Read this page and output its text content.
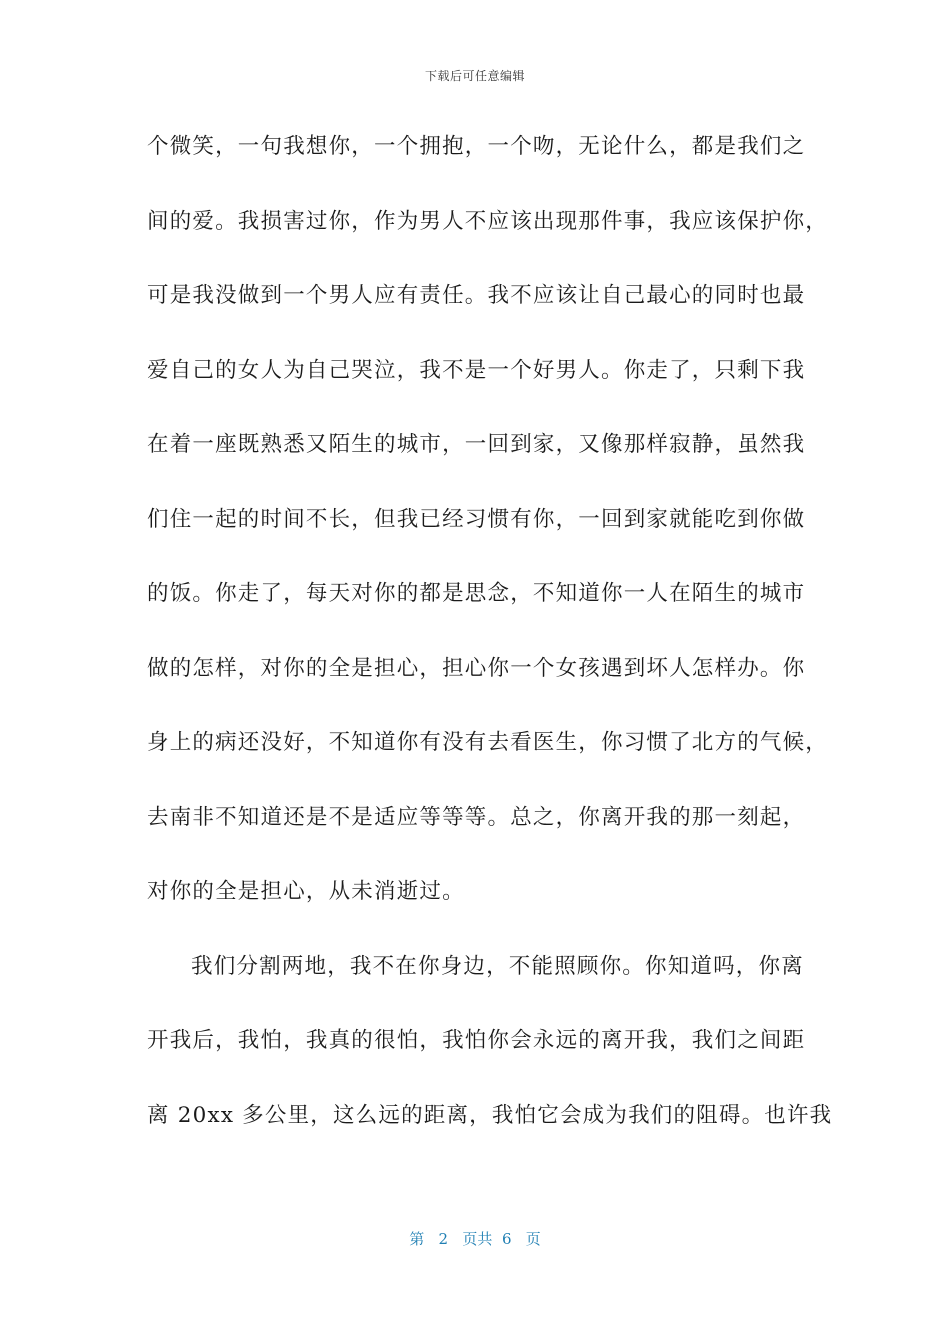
下载后可任意编辑
个微笑，一句我想你，一个拥抱，一个吻，无论什么，都是我们之
间的爱。我损害过你，作为男人不应该出现那件事，我应该保护你，
可是我没做到一个男人应有责任。我不应该让自己最心的同时也最
爱自己的女人为自己哭泣，我不是一个好男人。你走了，只剩下我
在着一座既熟悉又陌生的城市，一回到家，又像那样寂静，虽然我
们住一起的时间不长，但我已经习惯有你，一回到家就能吃到你做
的饭。你走了，每天对你的都是思念，不知道你一人在陌生的城市
做的怎样，对你的全是担心，担心你一个女孩遇到坏人怎样办。你
身上的病还没好，不知道你有没有去看医生，你习惯了北方的气候，
去南非不知道还是不是适应等等等。总之，你离开我的那一刻起，
对你的全是担心，从未消逝过。
我们分割两地，我不在你身边，不能照顾你。你知道吗，你离
开我后，我怕，我真的很怕，我怕你会永远的离开我，我们之间距
离 20xx 多公里，这么远的距离，我怕它会成为我们的阻碍。也许我
第 2 页共 6 页
